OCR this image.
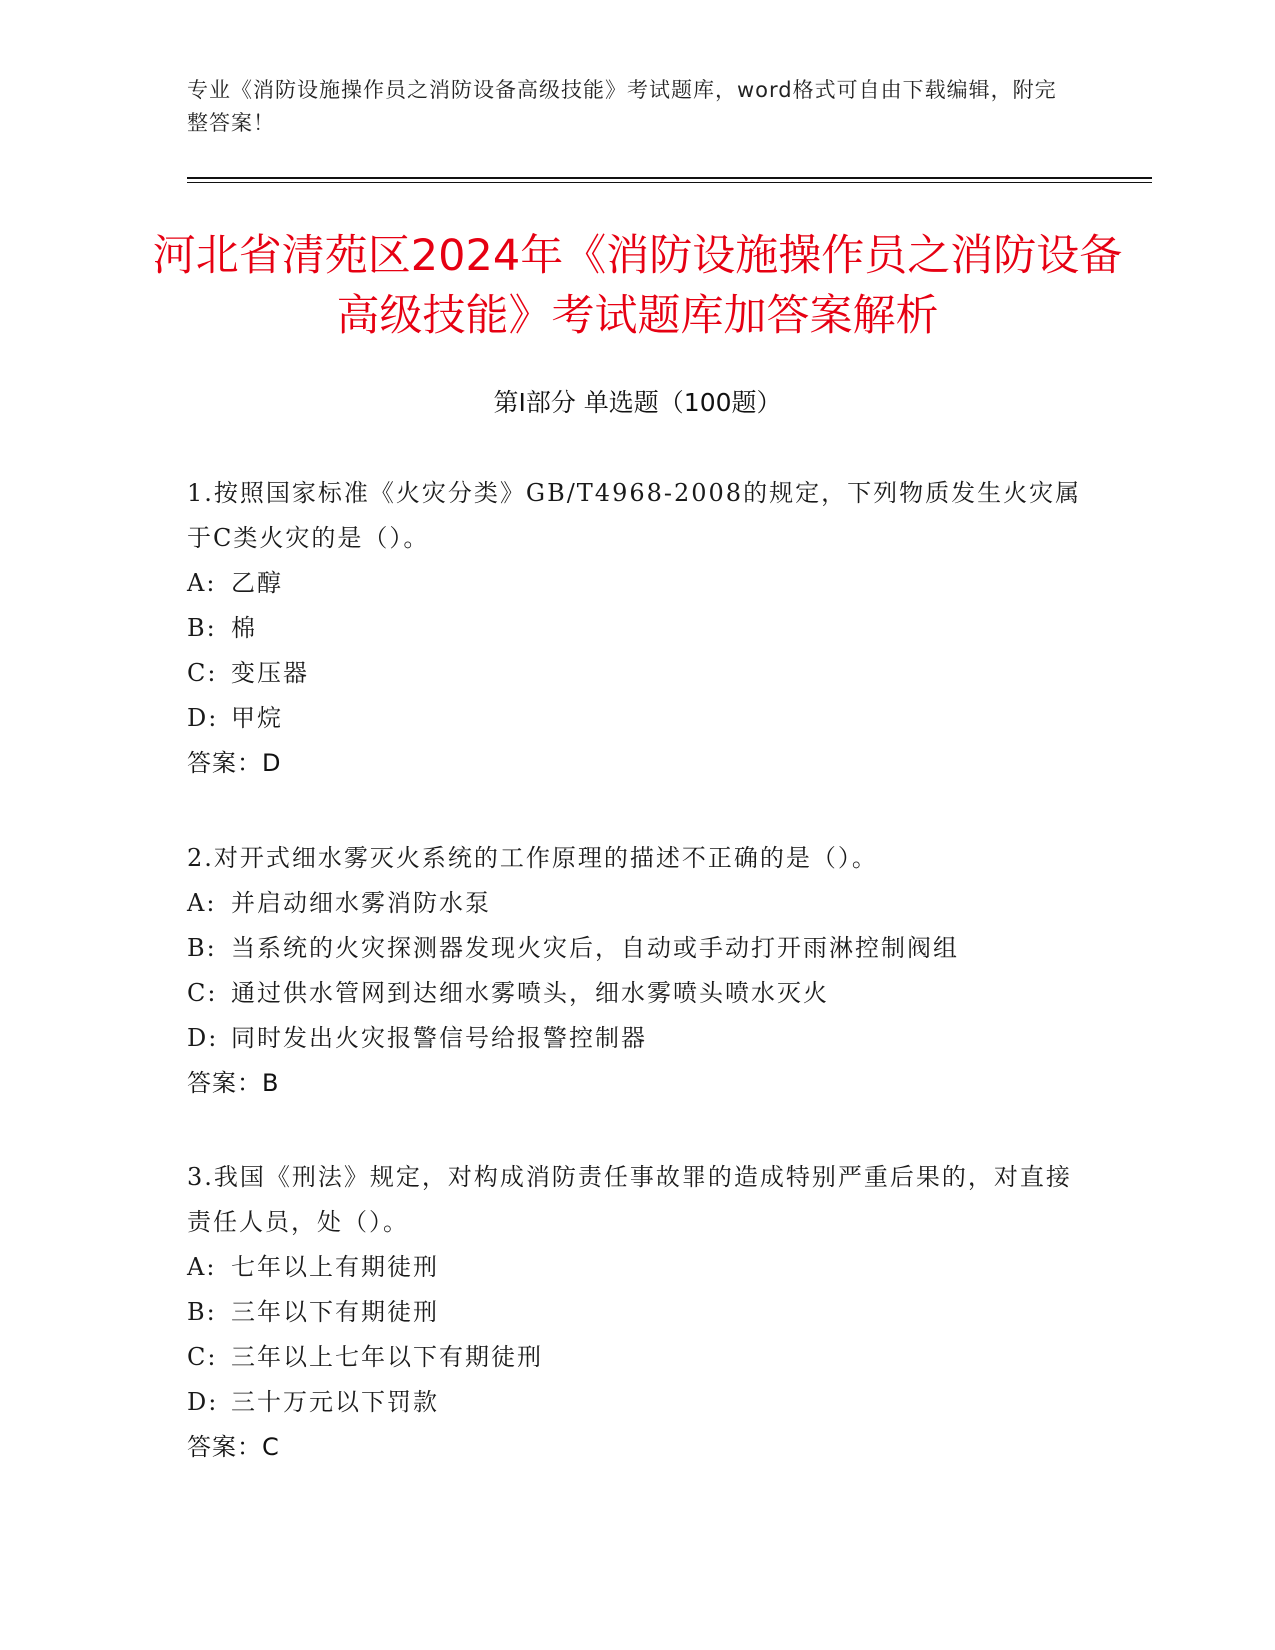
专业《消防设施操作员之消防设备高级技能》考试题库，word格式可自由下载编辑，附完整答案！
河北省清苑区2024年《消防设施操作员之消防设备高级技能》考试题库加答案解析
第Ⅰ部分 单选题（100题）
1.按照国家标准《火灾分类》GB/T4968-2008的规定，下列物质发生火灾属于C类火灾的是（）。
A: 乙醇
B: 棉
C: 变压器
D: 甲烷
答案：D
2.对开式细水雾灭火系统的工作原理的描述不正确的是（）。
A: 并启动细水雾消防水泵
B: 当系统的火灾探测器发现火灾后，自动或手动打开雨淋控制阀组
C: 通过供水管网到达细水雾喷头，细水雾喷头喷水灭火
D: 同时发出火灾报警信号给报警控制器
答案：B
3.我国《刑法》规定，对构成消防责任事故罪的造成特别严重后果的，对直接责任人员，处（）。
A: 七年以上有期徒刑
B: 三年以下有期徒刑
C: 三年以上七年以下有期徒刑
D: 三十万元以下罚款
答案：C
